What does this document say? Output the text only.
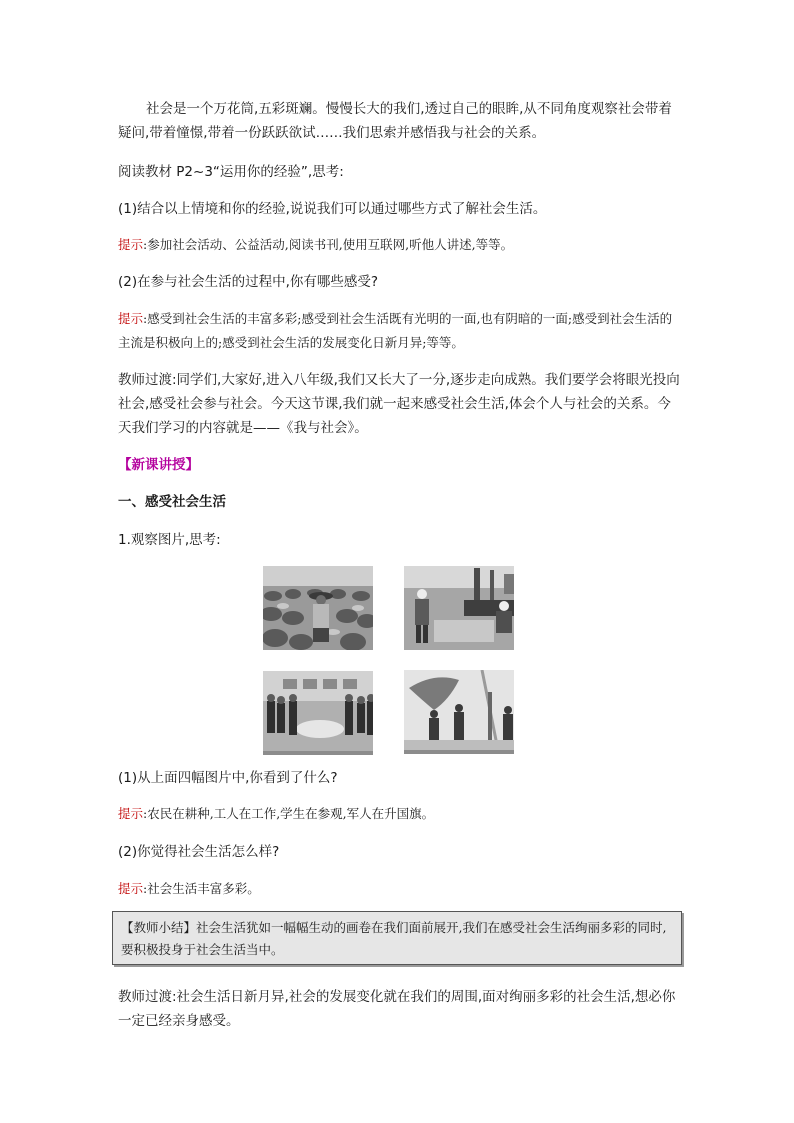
社会是一个万花筒,五彩斑斓。慢慢长大的我们,透过自己的眼眸,从不同角度观察社会带着疑问,带着憧憬,带着一份跃跃欲试……我们思索并感悟我与社会的关系。

阅读教材 P2~3“运用你的经验”,思考:

(1)结合以上情境和你的经验,说说我们可以通过哪些方式了解社会生活。

提示:参加社会活动、公益活动,阅读书刊,使用互联网,听他人讲述,等等。

(2)在参与社会生活的过程中,你有哪些感受?

提示:感受到社会生活的丰富多彩;感受到社会生活既有光明的一面,也有阴暗的一面;感受到社会生活的主流是积极向上的;感受到社会生活的发展变化日新月异;等等。

教师过渡:同学们,大家好,进入八年级,我们又长大了一分,逐步走向成熟。我们要学会将眼光投向社会,感受社会参与社会。今天这节课,我们就一起来感受社会生活,体会个人与社会的关系。今天我们学习的内容就是——《我与社会》。

【新课讲授】

一、感受社会生活

1.观察图片,思考:

(1)从上面四幅图片中,你看到了什么?

提示:农民在耕种,工人在工作,学生在参观,军人在升国旗。

(2)你觉得社会生活怎么样?

提示:社会生活丰富多彩。

【教师小结】社会生活犹如一幅幅生动的画卷在我们面前展开,我们在感受社会生活绚丽多彩的同时,要积极投身于社会生活当中。

教师过渡:社会生活日新月异,社会的发展变化就在我们的周围,面对绚丽多彩的社会生活,想必你一定已经亲身感受。
